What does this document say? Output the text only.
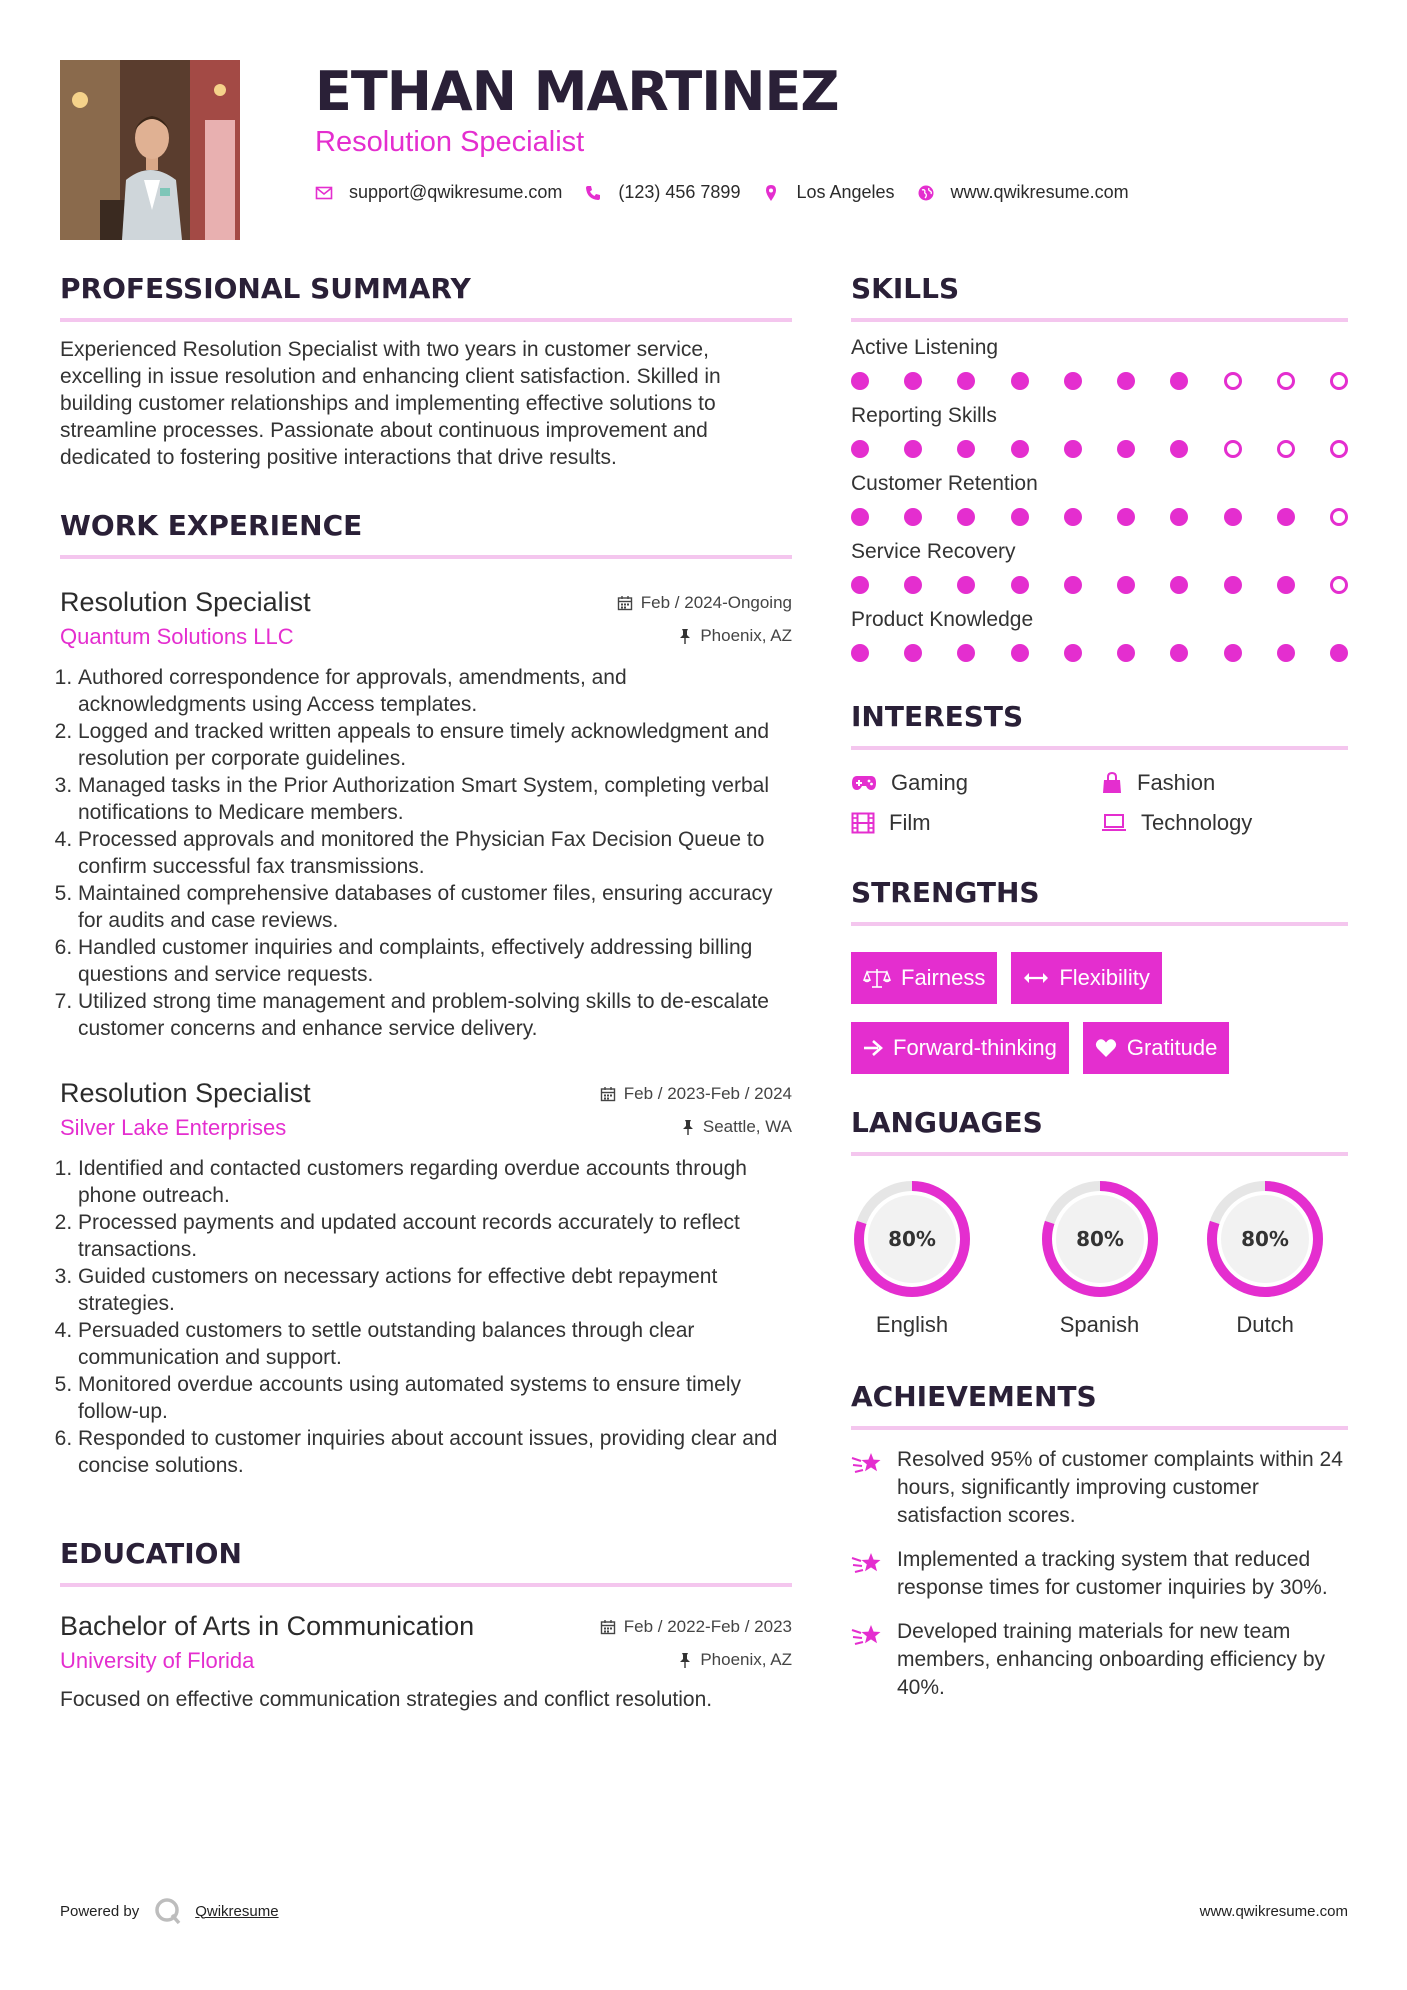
ETHAN MARTINEZ
Resolution Specialist
support@qwikresume.com	(123) 456 7899	Los Angeles	www.qwikresume.com
PROFESSIONAL SUMMARY

Experienced Resolution Specialist with two years in customer service, excelling in issue resolution and enhancing client satisfaction. Skilled in building customer relationships and implementing effective solutions to streamline processes. Passionate about continuous improvement and dedicated to fostering positive interactions that drive results.

WORK EXPERIENCE
Resolution Specialist	Feb / 2024-Ongoing
Quantum Solutions LLC	Phoenix, AZ
1. Authored correspondence for approvals, amendments, and acknowledgments using Access templates.
2. Logged and tracked written appeals to ensure timely acknowledgment and resolution per corporate guidelines.
3. Managed tasks in the Prior Authorization Smart System, completing verbal notifications to Medicare members.
4. Processed approvals and monitored the Physician Fax Decision Queue to confirm successful fax transmissions.
5. Maintained comprehensive databases of customer files, ensuring accuracy for audits and case reviews.
6. Handled customer inquiries and complaints, effectively addressing billing questions and service requests.
7. Utilized strong time management and problem-solving skills to de-escalate customer concerns and enhance service delivery.
Resolution Specialist	Feb / 2023-Feb / 2024
Silver Lake Enterprises	Seattle, WA
1. Identified and contacted customers regarding overdue accounts through phone outreach.
2. Processed payments and updated account records accurately to reflect transactions.
3. Guided customers on necessary actions for effective debt repayment strategies.
4. Persuaded customers to settle outstanding balances through clear communication and support.
5. Monitored overdue accounts using automated systems to ensure timely follow-up.
6. Responded to customer inquiries about account issues, providing clear and concise solutions.
EDUCATION
Bachelor of Arts in Communication	Feb / 2022-Feb / 2023
University of Florida	Phoenix, AZ

Focused on effective communication strategies and conflict resolution.

SKILLS
Active Listening
Reporting Skills
Customer Retention
Service Recovery
Product Knowledge
INTERESTS
Gaming	Fashion
Film	Technology
STRENGTHS
Fairness	Flexibility
Forward-thinking	Gratitude
LANGUAGES
80%
English
80%
Spanish
80%
Dutch
ACHIEVEMENTS
Resolved 95% of customer complaints within 24 hours, significantly improving customer satisfaction scores.
Implemented a tracking system that reduced response times for customer inquiries by 30%.
Developed training materials for new team members, enhancing onboarding efficiency by 40%.
Powered by	Qwikresume	www.qwikresume.com
